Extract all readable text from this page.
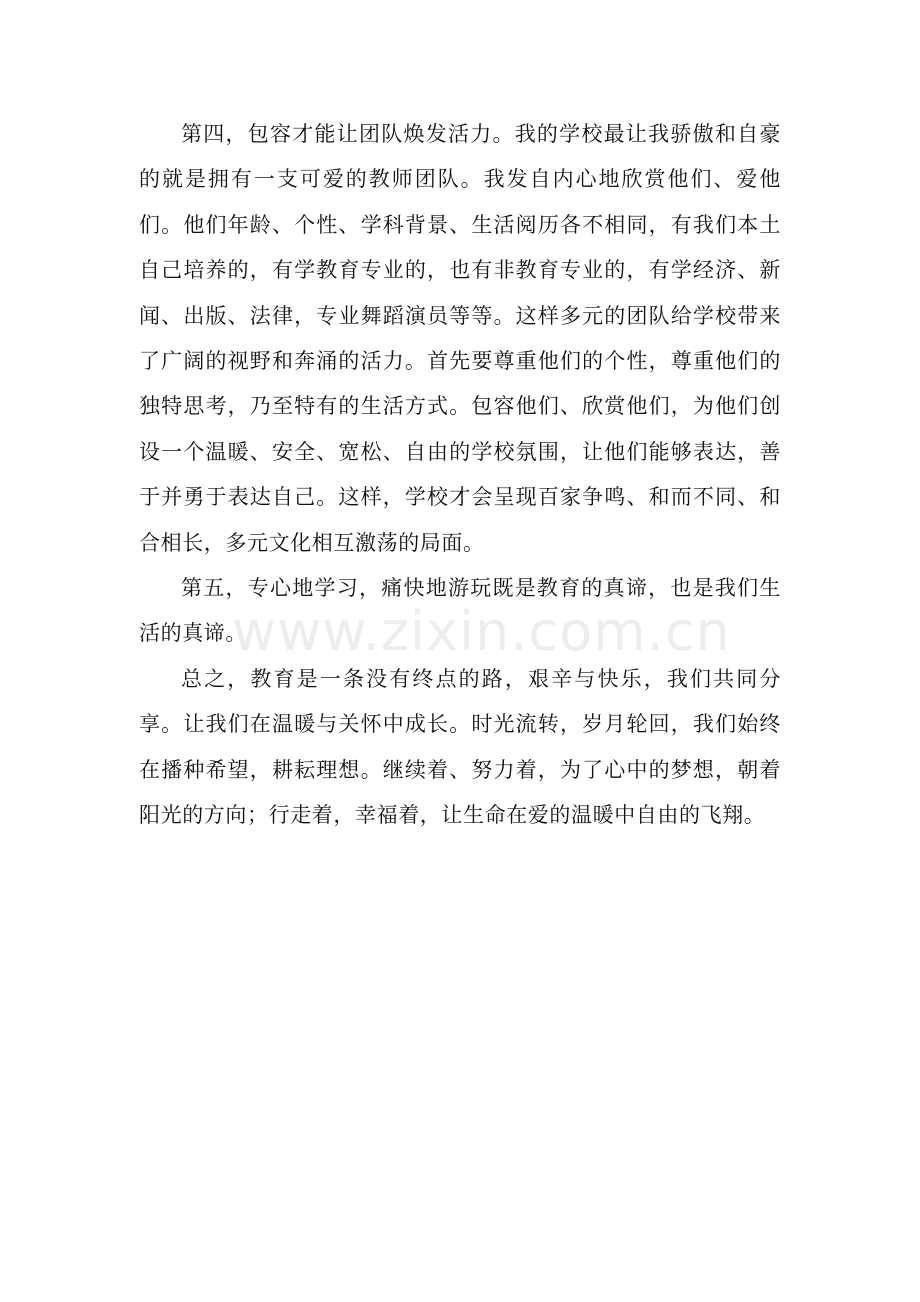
第四，包容才能让团队焕发活力。我的学校最让我骄傲和自豪的就是拥有一支可爱的教师团队。我发自内心地欣赏他们、爱他们。他们年龄、个性、学科背景、生活阅历各不相同，有我们本土自己培养的，有学教育专业的，也有非教育专业的，有学经济、新闻、出版、法律，专业舞蹈演员等等。这样多元的团队给学校带来了广阔的视野和奔涌的活力。首先要尊重他们的个性，尊重他们的独特思考，乃至特有的生活方式。包容他们、欣赏他们，为他们创设一个温暖、安全、宽松、自由的学校氛围，让他们能够表达，善于并勇于表达自己。这样，学校才会呈现百家争鸣、和而不同、和合相长，多元文化相互激荡的局面。

第五，专心地学习，痛快地游玩既是教育的真谛，也是我们生活的真谛。

总之，教育是一条没有终点的路，艰辛与快乐，我们共同分享。让我们在温暖与关怀中成长。时光流转，岁月轮回，我们始终在播种希望，耕耘理想。继续着、努力着，为了心中的梦想，朝着阳光的方向；行走着，幸福着，让生命在爱的温暖中自由的飞翔。

www.zixin.com.cn
